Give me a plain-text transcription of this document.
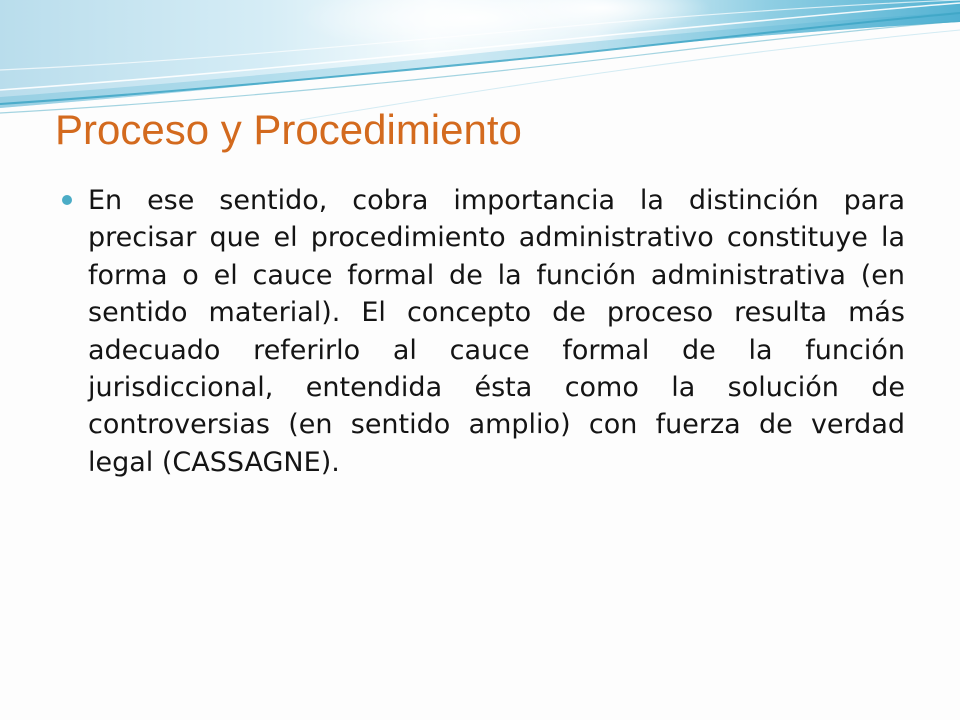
Proceso y Procedimiento
En ese sentido, cobra importancia la distinción para
precisar que el procedimiento administrativo constituye la
forma o el cauce formal de la función administrativa (en
sentido material). El concepto de proceso resulta más
adecuado referirlo al cauce formal de la función
jurisdiccional, entendida ésta como la solución de
controversias (en sentido amplio) con fuerza de verdad
legal (CASSAGNE).
